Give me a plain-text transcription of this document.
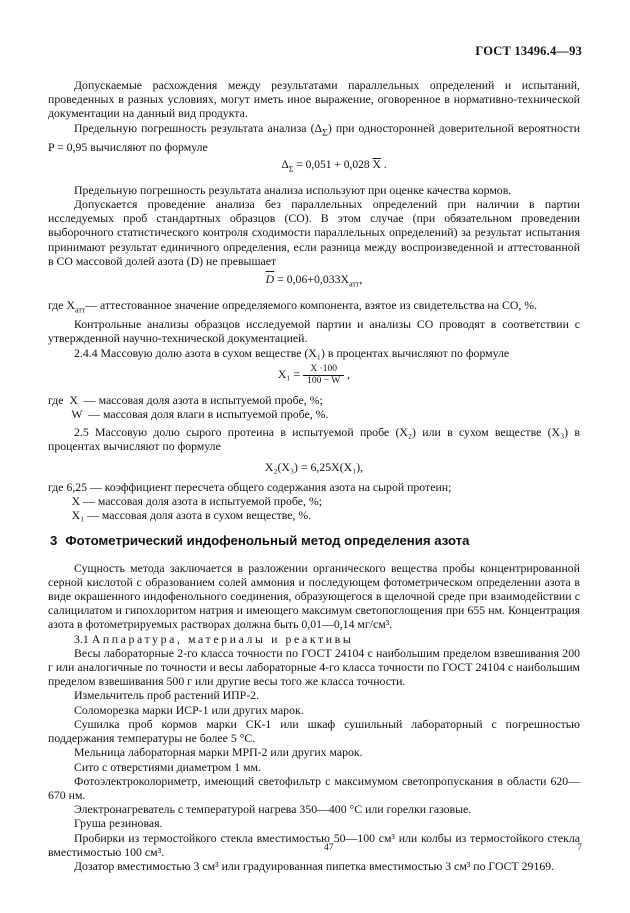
ГОСТ 13496.4—93

Допускаемые расхождения между результатами параллельных определений и испытаний, проведенных в разных условиях, могут иметь иное выражение, оговоренное в нормативно-технической документации на данный вид продукта.

Предельную погрешность результата анализа $(\Delta_\Sigma)$ при односторонней доверительной вероятности P = 0,95 вычисляют по формуле

$\Delta_\Sigma = 0,051 + 0,028$ $\overline{X}$ .

Предельную погрешность результата анализа используют при оценке качества кормов.

Допускается проведение анализа без параллельных определений при наличии в партии исследуемых проб стандартных образцов (СО). В этом случае (при обязательном проведении выборочного статистического контроля сходимости параллельных определений) за результат испытания принимают результат единичного определения, если разница между воспроизведенной и аттестованной в СО массовой долей азота (D) не превышает

$\overline{D} = 0,06+0,033X_{атт}$,

где $X_{атт}—$ аттестованное значение определяемого компонента, взятое из свидетельства на СО, %.

Контрольные анализы образцов исследуемой партии и анализы СО проводят в соответствии с утвержденной научно-технической документацией.

2.4.4 Массовую долю азота в сухом веществе (X₁) в процентах вычисляют по формуле

$X_1 = \frac{X \cdot 100}{100 - W}$ ,
где  X  — массовая доля азота в испытуемой пробе, %;
W  — массовая доля влаги в испытуемой пробе, %.

2.5 Массовую долю сырого протеина в испытуемой пробе (X₂) или в сухом веществе (X₃) в процентах вычисляют по формуле

X₂(X₃) = 6,25X(X₁),
где 6,25 — коэффициент пересчета общего содержания азота на сырой протеин;
X — массовая доля азота в испытуемой пробе, %;
X₁ — массовая доля азота в сухом веществе, %.
3 Фотометрический индофенольный метод определения азота

Сущность метода заключается в разложении органического вещества пробы концентрированной серной кислотой с образованием солей аммония и последующем фотометрическом определении азота в виде окрашенного индофенольного соединения, образующегося в щелочной среде при взаимодействии с салицилатом и гипохлоритом натрия и имеющего максимум светопоглощения при 655 нм. Концентрация азота в фотометрируемых растворах должна быть 0,01—0,14 мг/см³.

3.1 Аппаратура, материалы и реактивы

Весы лабораторные 2-го класса точности по ГОСТ 24104 с наибольшим пределом взвешивания 200 г или аналогичные по точности и весы лабораторные 4-го класса точности по ГОСТ 24104 с наибольшим пределом взвешивания 500 г или другие весы того же класса точности.

Измельчитель проб растений ИПР-2.

Соломорезка марки ИСР-1 или других марок.

Сушилка проб кормов марки СК-1 или шкаф сушильный лабораторный с погрешностью поддержания температуры не более 5 °С.

Мельница лабораторная марки МРП-2 или других марок.

Сито с отверстиями диаметром 1 мм.

Фотоэлектроколориметр, имеющий светофильтр с максимумом светопропускания в области 620—670 нм.

Электронагреватель с температурой нагрева 350—400 °С или горелки газовые.

Груша резиновая.

Пробирки из термостойкого стекла вместимостью 50—100 см³ или колбы из термостойкого стекла вместимостью 100 см³.

Дозатор вместимостью 3 см³ или градуированная пипетка вместимостью 3 см³ по ГОСТ 29169.

47	7
